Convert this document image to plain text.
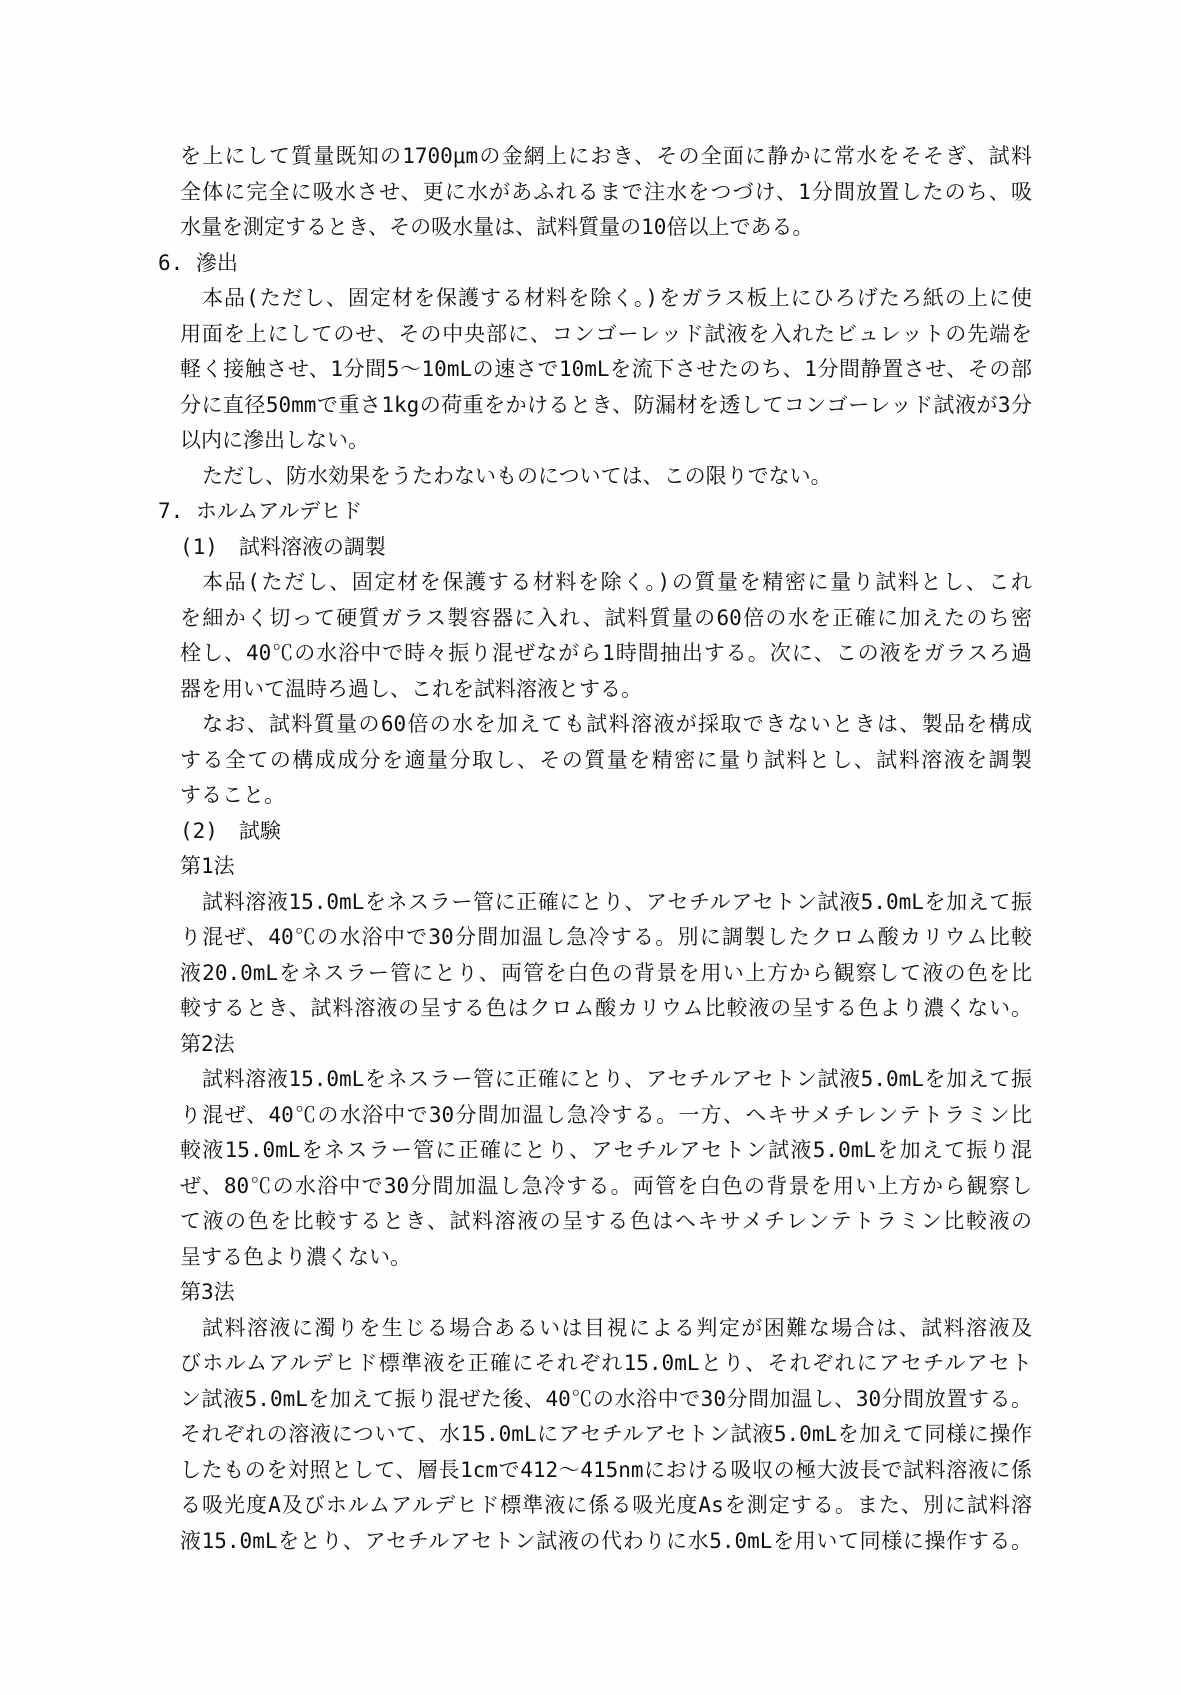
を上にして質量既知の1700μmの金網上におき、その全面に静かに常水をそそぎ、試料
全体に完全に吸水させ、更に水があふれるまで注水をつづけ、1分間放置したのち、吸
水量を測定するとき、その吸水量は、試料質量の10倍以上である。
6. 滲出
本品(ただし、固定材を保護する材料を除く。)をガラス板上にひろげたろ紙の上に使
用面を上にしてのせ、その中央部に、コンゴーレッド試液を入れたビュレットの先端を
軽く接触させ、1分間5～10mLの速さで10mLを流下させたのち、1分間静置させ、その部
分に直径50mmで重さ1kgの荷重をかけるとき、防漏材を透してコンゴーレッド試液が3分
以内に滲出しない。
ただし、防水効果をうたわないものについては、この限りでない。
7. ホルムアルデヒド
(1)　試料溶液の調製
本品(ただし、固定材を保護する材料を除く。)の質量を精密に量り試料とし、これ
を細かく切って硬質ガラス製容器に入れ、試料質量の60倍の水を正確に加えたのち密
栓し、40℃の水浴中で時々振り混ぜながら1時間抽出する。次に、この液をガラスろ過
器を用いて温時ろ過し、これを試料溶液とする。
なお、試料質量の60倍の水を加えても試料溶液が採取できないときは、製品を構成
する全ての構成成分を適量分取し、その質量を精密に量り試料とし、試料溶液を調製
すること。
(2)　試験
第1法
試料溶液15.0mLをネスラー管に正確にとり、アセチルアセトン試液5.0mLを加えて振
り混ぜ、40℃の水浴中で30分間加温し急冷する。別に調製したクロム酸カリウム比較
液20.0mLをネスラー管にとり、両管を白色の背景を用い上方から観察して液の色を比
較するとき、試料溶液の呈する色はクロム酸カリウム比較液の呈する色より濃くない。
第2法
試料溶液15.0mLをネスラー管に正確にとり、アセチルアセトン試液5.0mLを加えて振
り混ぜ、40℃の水浴中で30分間加温し急冷する。一方、ヘキサメチレンテトラミン比
較液15.0mLをネスラー管に正確にとり、アセチルアセトン試液5.0mLを加えて振り混
ぜ、80℃の水浴中で30分間加温し急冷する。両管を白色の背景を用い上方から観察し
て液の色を比較するとき、試料溶液の呈する色はヘキサメチレンテトラミン比較液の
呈する色より濃くない。
第3法
試料溶液に濁りを生じる場合あるいは目視による判定が困難な場合は、試料溶液及
びホルムアルデヒド標準液を正確にそれぞれ15.0mLとり、それぞれにアセチルアセト
ン試液5.0mLを加えて振り混ぜた後、40℃の水浴中で30分間加温し、30分間放置する。
それぞれの溶液について、水15.0mLにアセチルアセトン試液5.0mLを加えて同様に操作
したものを対照として、層長1cmで412～415nmにおける吸収の極大波長で試料溶液に係
る吸光度A及びホルムアルデヒド標準液に係る吸光度Asを測定する。また、別に試料溶
液15.0mLをとり、アセチルアセトン試液の代わりに水5.0mLを用いて同様に操作する。
